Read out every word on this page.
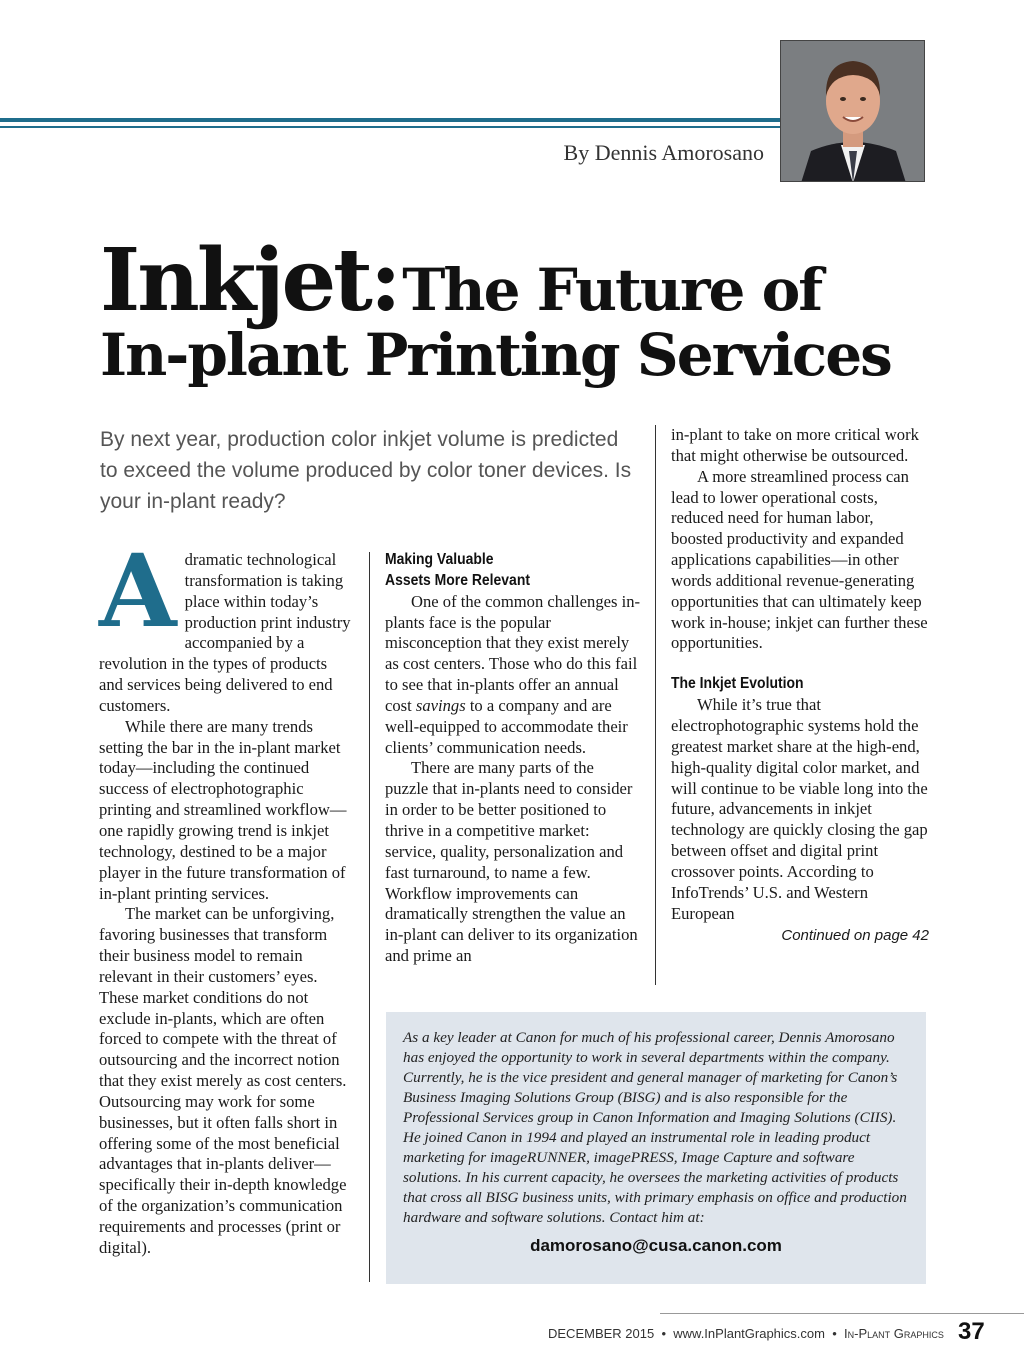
By Dennis Amorosano
Inkjet: The Future of
In-plant Printing Services
By next year, production color inkjet volume is predicted to exceed the volume produced by color toner devices. Is your in-plant ready?

A dramatic technological transformation is taking place within today’s production print industry accompanied by a revolution in the types of products and services being delivered to end customers.

While there are many trends setting the bar in the in-plant market today—including the continued success of electrophotographic printing and streamlined workflow—one rapidly growing trend is inkjet technology, destined to be a major player in the future transformation of in-plant printing services.

The market can be unforgiving, favoring businesses that transform their business model to remain relevant in their customers’ eyes. These market conditions do not exclude in-plants, which are often forced to compete with the threat of outsourcing and the incorrect notion that they exist merely as cost centers. Outsourcing may work for some businesses, but it often falls short in offering some of the most beneficial advantages that in-plants deliver—specifically their in-depth knowledge of the organization’s communication requirements and processes (print or digital).

Making Valuable
Assets More Relevant

One of the common challenges in-plants face is the popular misconception that they exist merely as cost centers. Those who do this fail to see that in-plants offer an annual cost savings to a company and are well-equipped to accommodate their clients’ communication needs.

There are many parts of the puzzle that in-plants need to consider in order to be better positioned to thrive in a competitive market: service, quality, personalization and fast turnaround, to name a few. Workflow improvements can dramatically strengthen the value an in-plant can deliver to its organization and prime an

in-plant to take on more critical work that might otherwise be outsourced.

A more streamlined process can lead to lower operational costs, reduced need for human labor, boosted productivity and expanded applications capabilities—in other words additional revenue-generating opportunities that can ultimately keep work in-house; inkjet can further these opportunities.

The Inkjet Evolution

While it’s true that electrophotographic systems hold the greatest market share at the high-end, high-quality digital color market, and will continue to be viable long into the future, advancements in inkjet technology are quickly closing the gap between offset and digital print crossover points. According to InfoTrends’ U.S. and Western European

Continued on page 42
As a key leader at Canon for much of his professional career, Dennis Amorosano has enjoyed the opportunity to work in several departments within the company. Currently, he is the vice president and general manager of marketing for Canon’s Business Imaging Solutions Group (BISG) and is also responsible for the Professional Services group in Canon Information and Imaging Solutions (CIIS). He joined Canon in 1994 and played an instrumental role in leading product marketing for imageRUNNER, imagePRESS, Image Capture and software solutions. In his current capacity, he oversees the marketing activities of products that cross all BISG business units, with primary emphasis on office and production hardware and software solutions. Contact him at:
damorosano@cusa.canon.com
DECEMBER 2015 • www.InPlantGraphics.com • In-Plant Graphics 37
